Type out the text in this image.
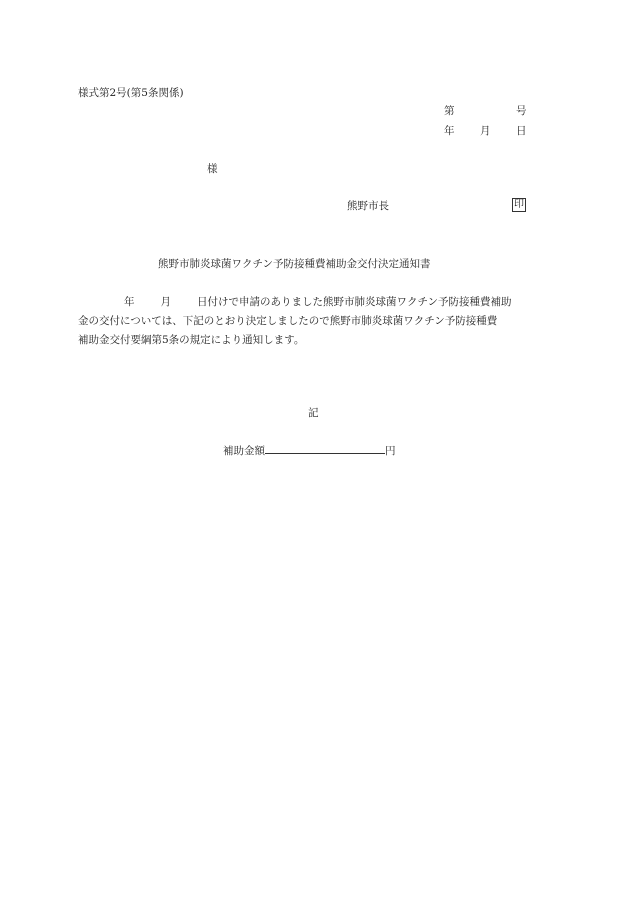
様式第2号(第5条関係)
第	号
年 月 日
様
熊野市長	印
熊野市肺炎球菌ワクチン予防接種費補助金交付決定通知書
年 月 日付けで申請のありました熊野市肺炎球菌ワクチン予防接種費補助
金の交付については、下記のとおり決定しましたので熊野市肺炎球菌ワクチン予防接種費
補助金交付要綱第5条の規定により通知します。
記
補助金額	円
